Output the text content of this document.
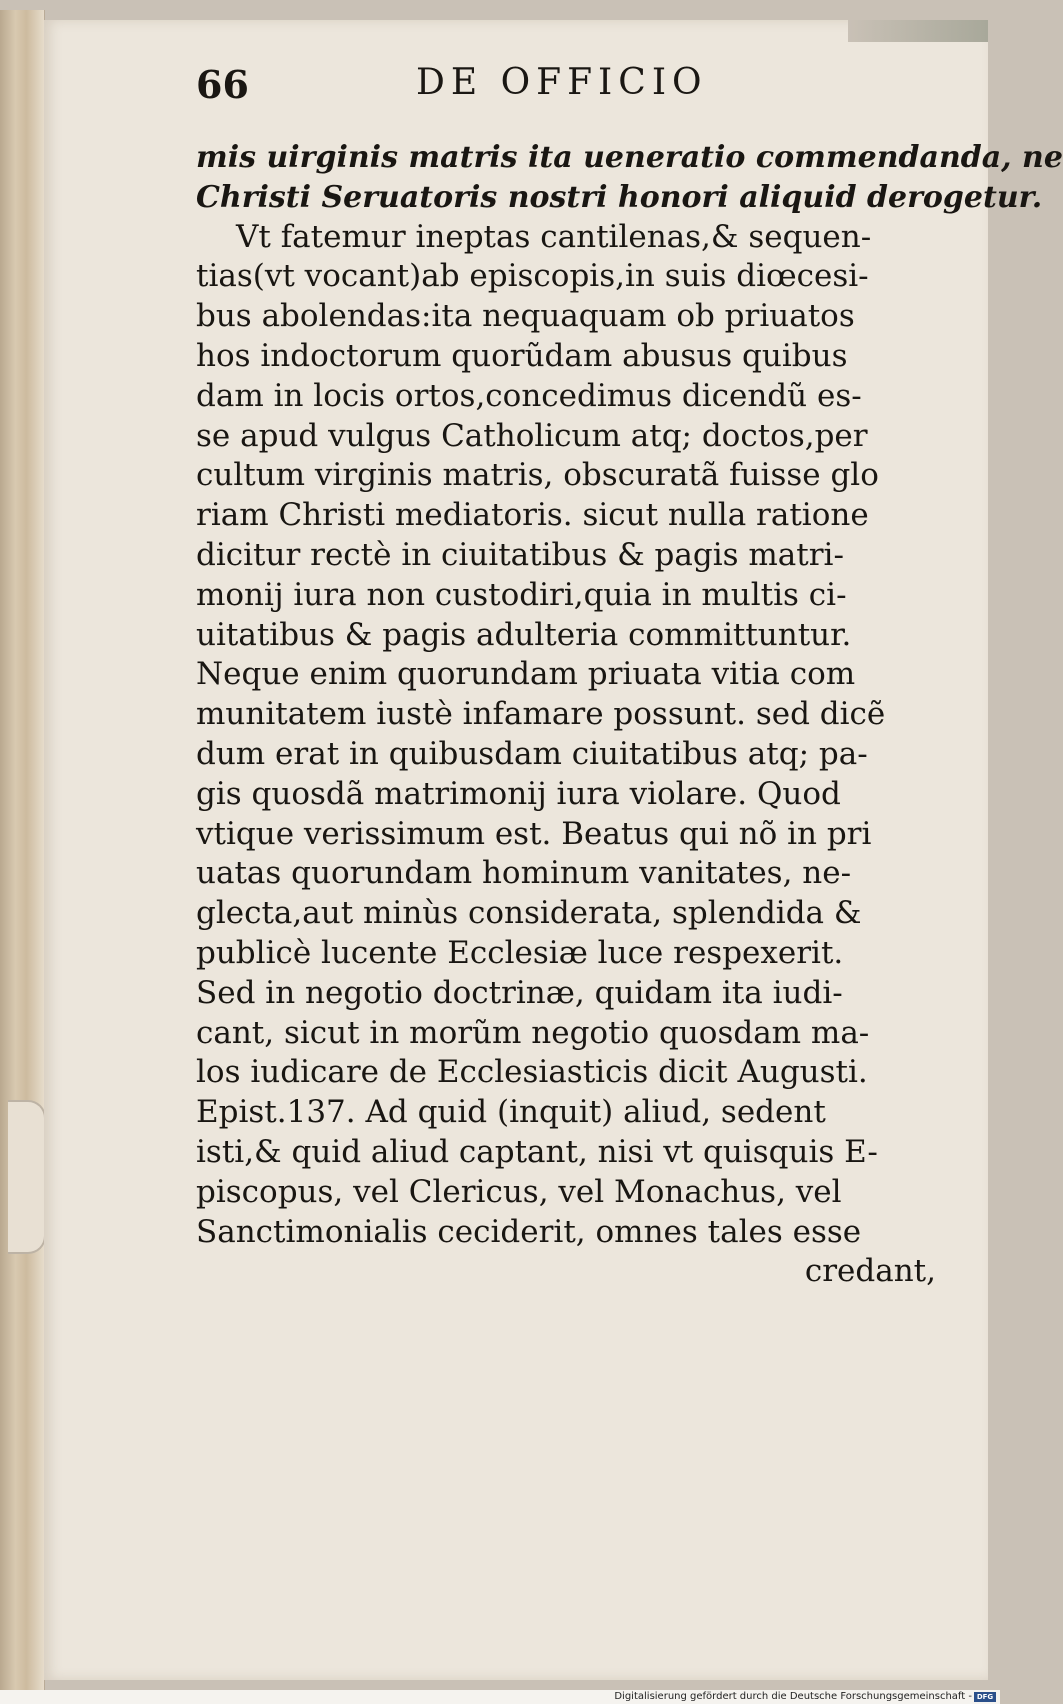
66	DE OFFICIO
mis uirginis matris ita ueneratio commendanda, ne
Christi Seruatoris nostri honori aliquid derogetur.
Vt fatemur ineptas cantilenas,& sequen-
tias(vt vocant)ab episcopis,in suis diœcesi-
bus abolendas:ita nequaquam ob priuatos
hos indoctorum quorũdam abusus quibus
dam in locis ortos,concedimus dicendũ es-
se apud vulgus Catholicum atq; doctos,per
cultum virginis matris, obscuratã fuisse glo
riam Christi mediatoris. sicut nulla ratione
dicitur rectè in ciuitatibus & pagis matri-
monij iura non custodiri,quia in multis ci-
uitatibus & pagis adulteria committuntur.
Neque enim quorundam priuata vitia com
munitatem iustè infamare possunt. sed dicẽ
dum erat in quibusdam ciuitatibus atq; pa-
gis quosdã matrimonij iura violare. Quod
vtique verissimum est. Beatus qui nõ in pri
uatas quorundam hominum vanitates, ne-
glecta,aut minùs considerata, splendida &
publicè lucente Ecclesiæ luce respexerit.
Sed in negotio doctrinæ, quidam ita iudi-
cant, sicut in morũm negotio quosdam ma-
los iudicare de Ecclesiasticis dicit Augusti.
Epist.137. Ad quid (inquit) aliud, sedent
isti,& quid aliud captant, nisi vt quisquis E-
piscopus, vel Clericus, vel Monachus, vel
Sanctimonialis ceciderit, omnes tales esse
credant,
Digitalisierung gefördert durch die Deutsche Forschungsgemeinschaft - DFG
